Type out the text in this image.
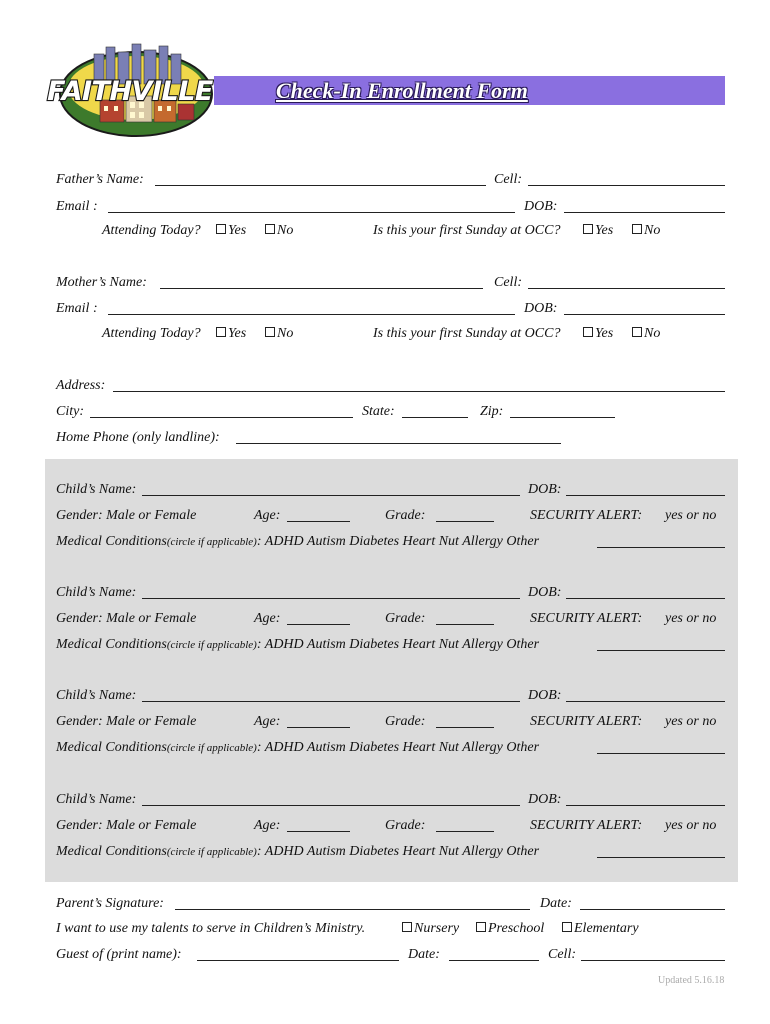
FAITHVILLE	Check-In Enrollment Form
Father’s Name:	Cell:
Email :	DOB:
Attending Today?	Yes	No	Is this your first Sunday at OCC?	Yes	No
Mother’s Name:	Cell:
Email :	DOB:
Attending Today?	Yes	No	Is this your first Sunday at OCC?	Yes	No
Address:
City:	State:	Zip:
Home Phone (only landline):
Child’s Name:	DOB:
Gender: Male or Female	Age:	Grade:	SECURITY ALERT: yes or no
Medical Conditions(circle if applicable): ADHD Autism Diabetes Heart Nut Allergy Other
Child’s Name:	DOB:
Gender: Male or Female	Age:	Grade:	SECURITY ALERT: yes or no
Medical Conditions(circle if applicable): ADHD Autism Diabetes Heart Nut Allergy Other
Child’s Name:	DOB:
Gender: Male or Female	Age:	Grade:	SECURITY ALERT: yes or no
Medical Conditions(circle if applicable): ADHD Autism Diabetes Heart Nut Allergy Other
Child’s Name:	DOB:
Gender: Male or Female	Age:	Grade:	SECURITY ALERT: yes or no
Medical Conditions(circle if applicable): ADHD Autism Diabetes Heart Nut Allergy Other
Parent’s Signature:	Date:
I want to use my talents to serve in Children’s Ministry.	Nursery	Preschool	Elementary
Guest of (print name):	Date:	Cell:
Updated 5.16.18
